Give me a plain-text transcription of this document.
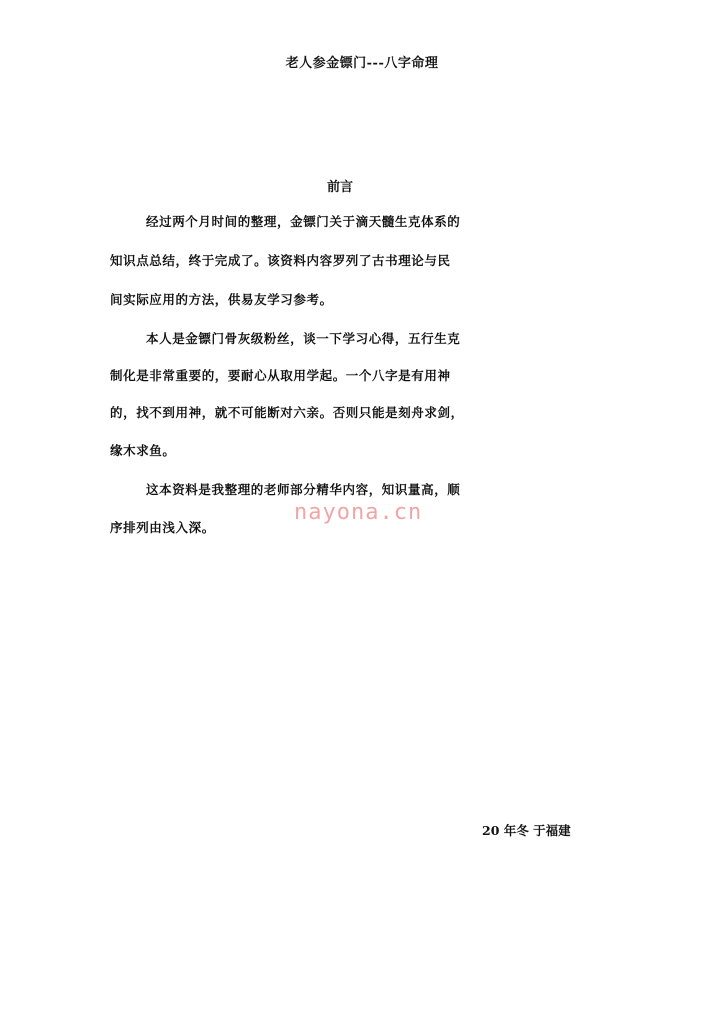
老人参金镖门---八字命理
前言
经过两个月时间的整理，金镖门关于滴天髓生克体系的
知识点总结，终于完成了。该资料内容罗列了古书理论与民
间实际应用的方法，供易友学习参考。
本人是金镖门骨灰级粉丝，谈一下学习心得，五行生克
制化是非常重要的，要耐心从取用学起。一个八字是有用神
的，找不到用神，就不可能断对六亲。否则只能是刻舟求剑，
缘木求鱼。
这本资料是我整理的老师部分精华内容，知识量高，顺
序排列由浅入深。
nayona.cn
20 年冬 于福建
